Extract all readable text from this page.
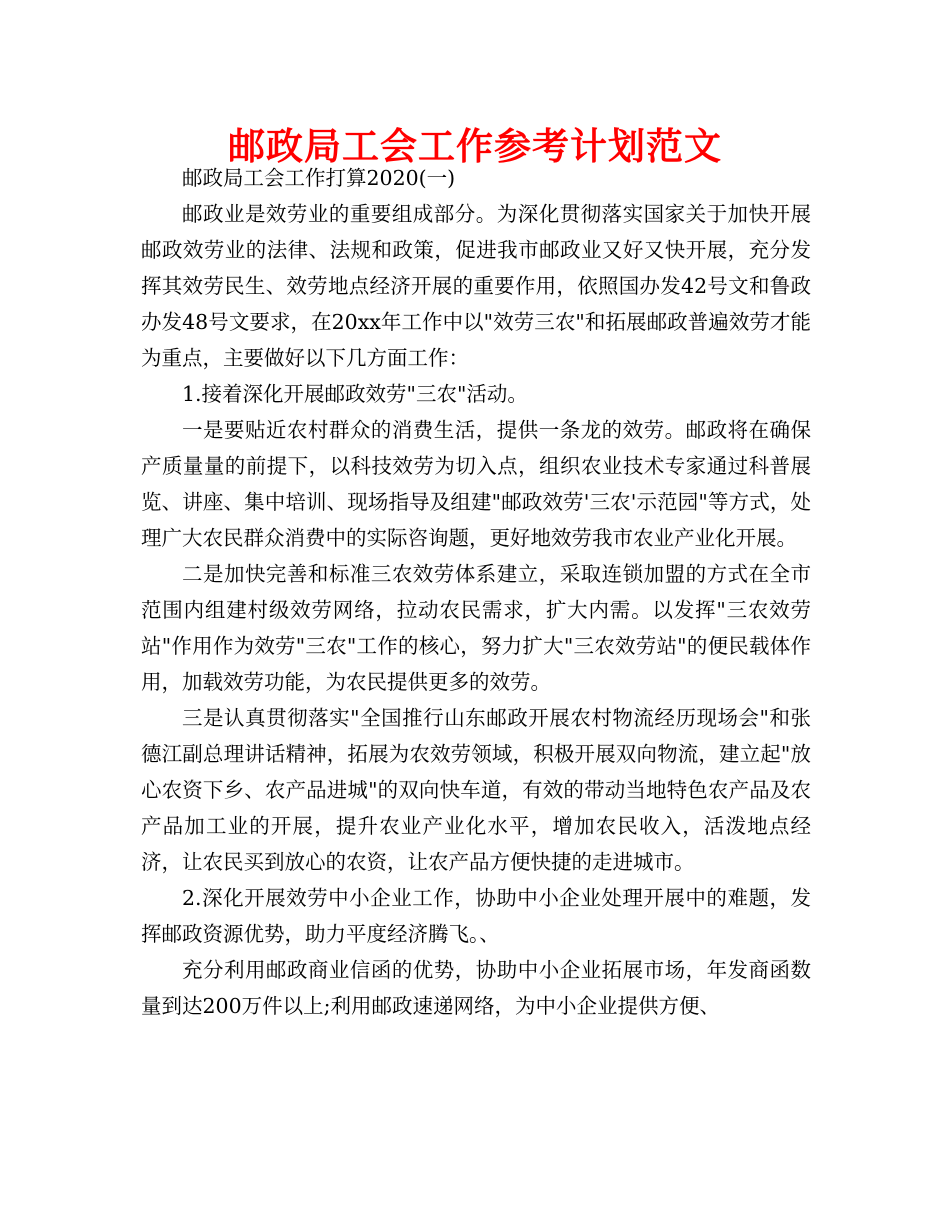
邮政局工会工作参考计划范文

邮政局工会工作打算2020(一)

邮政业是效劳业的重要组成部分。为深化贯彻落实国家关于加快开展邮政效劳业的法律、法规和政策，促进我市邮政业又好又快开展，充分发挥其效劳民生、效劳地点经济开展的重要作用，依照国办发42号文和鲁政办发48号文要求，在20xx年工作中以"效劳三农"和拓展邮政普遍效劳才能为重点，主要做好以下几方面工作：

1.接着深化开展邮政效劳"三农"活动。

一是要贴近农村群众的消费生活，提供一条龙的效劳。邮政将在确保产质量量的前提下，以科技效劳为切入点，组织农业技术专家通过科普展览、讲座、集中培训、现场指导及组建"邮政效劳'三农'示范园"等方式，处理广大农民群众消费中的实际咨询题，更好地效劳我市农业产业化开展。

二是加快完善和标准三农效劳体系建立，采取连锁加盟的方式在全市范围内组建村级效劳网络，拉动农民需求，扩大内需。以发挥"三农效劳站"作用作为效劳"三农"工作的核心，努力扩大"三农效劳站"的便民载体作用，加载效劳功能，为农民提供更多的效劳。

三是认真贯彻落实"全国推行山东邮政开展农村物流经历现场会"和张德江副总理讲话精神，拓展为农效劳领域，积极开展双向物流，建立起"放心农资下乡、农产品进城"的双向快车道，有效的带动当地特色农产品及农产品加工业的开展，提升农业产业化水平，增加农民收入，活泼地点经济，让农民买到放心的农资，让农产品方便快捷的走进城市。

2.深化开展效劳中小企业工作，协助中小企业处理开展中的难题，发挥邮政资源优势，助力平度经济腾飞。、

充分利用邮政商业信函的优势，协助中小企业拓展市场，年发商函数量到达200万件以上;利用邮政速递网络，为中小企业提供方便、
